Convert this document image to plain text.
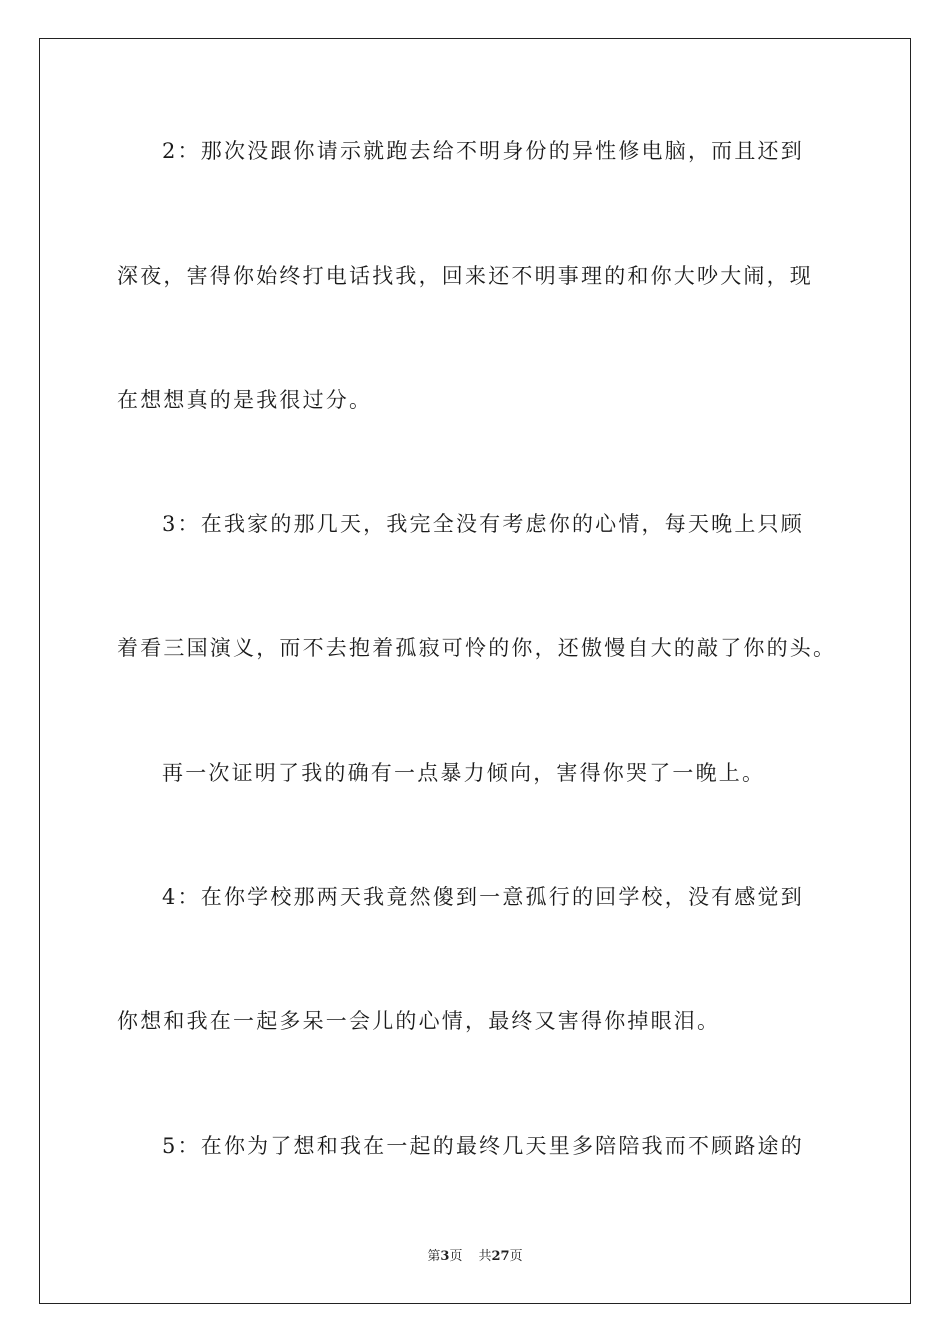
2：那次没跟你请示就跑去给不明身份的异性修电脑，而且还到
深夜，害得你始终打电话找我，回来还不明事理的和你大吵大闹，现
在想想真的是我很过分。
3：在我家的那几天，我完全没有考虑你的心情，每天晚上只顾
着看三国演义，而不去抱着孤寂可怜的你，还傲慢自大的敲了你的头。
再一次证明了我的确有一点暴力倾向，害得你哭了一晚上。
4：在你学校那两天我竟然傻到一意孤行的回学校，没有感觉到
你想和我在一起多呆一会儿的心情，最终又害得你掉眼泪。
5：在你为了想和我在一起的最终几天里多陪陪我而不顾路途的
第3页 共27页
